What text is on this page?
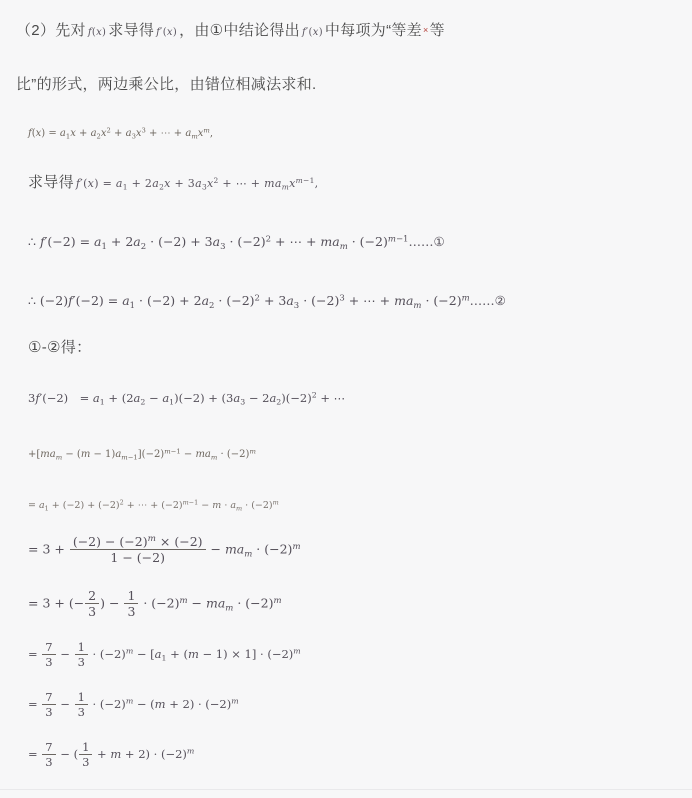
（2）先对 f(x) 求导得 f′(x) ，由①中结论得出 f′(x) 中每项为“等差×等

比”的形式，两边乘公比，由错位相减法求和.

$f(x) = a_1x + a_2x^2 + a_3x^3$ + ⋯ + $a_mx^m$,

求导得 $f'(x) = a_1 + 2a_2x + 3a_3x^2$ + ⋯ + $ma_mx^{m-1}$,

∴ $f'(-2) = a_1 + 2a_2 \cdot (-2) + 3a_3 \cdot (-2)^2$ + ⋯ + $ma_m$ · $(-2)^{m-1}\dots\dots ①$
∴ $(-2)f'(-2) = a_1 \cdot (-2) + 2a_2 \cdot (-2)^2 + 3a_3 \cdot (-2)^3$ + ⋯ + $ma_m$ · $(-2)^m\dots\dots ②$

①-②得：

3f′(−2)  = $a_1 + (2a_2 - a_1)(-2) + (3a_3 - 2a_2)(-2)^2$ + ⋯
$+[ma_m - (m - 1)a_{m-1}](-2)^{m-1} - ma_m \cdot (-2)^m$
= $a_1 + (-2) + (-2)^2$ + ⋯ + $(-2)^{m-1} - m \cdot a_m \cdot (-2)^m$
= $3 + \frac{(-2) - (-2)^m \times (-2)}{1 - (-2)} - ma_m \cdot (-2)^m$
= 3 + (− $\frac{2}{3}$ ) − $\frac{1}{3} \cdot (-2)^m - ma_m \cdot (-2)^m$
= $\frac{7}{3} - \frac{1}{3} \cdot (-2)^m - [a_1 + (m - 1) \times 1] \cdot (-2)^m$
= $\frac{7}{3} - \frac{1}{3} \cdot (-2)^m - (m + 2) \cdot (-2)^m$
= $\frac{7}{3}$ − ( $\frac{1}{3} + m + 2) \cdot (-2)^m$
